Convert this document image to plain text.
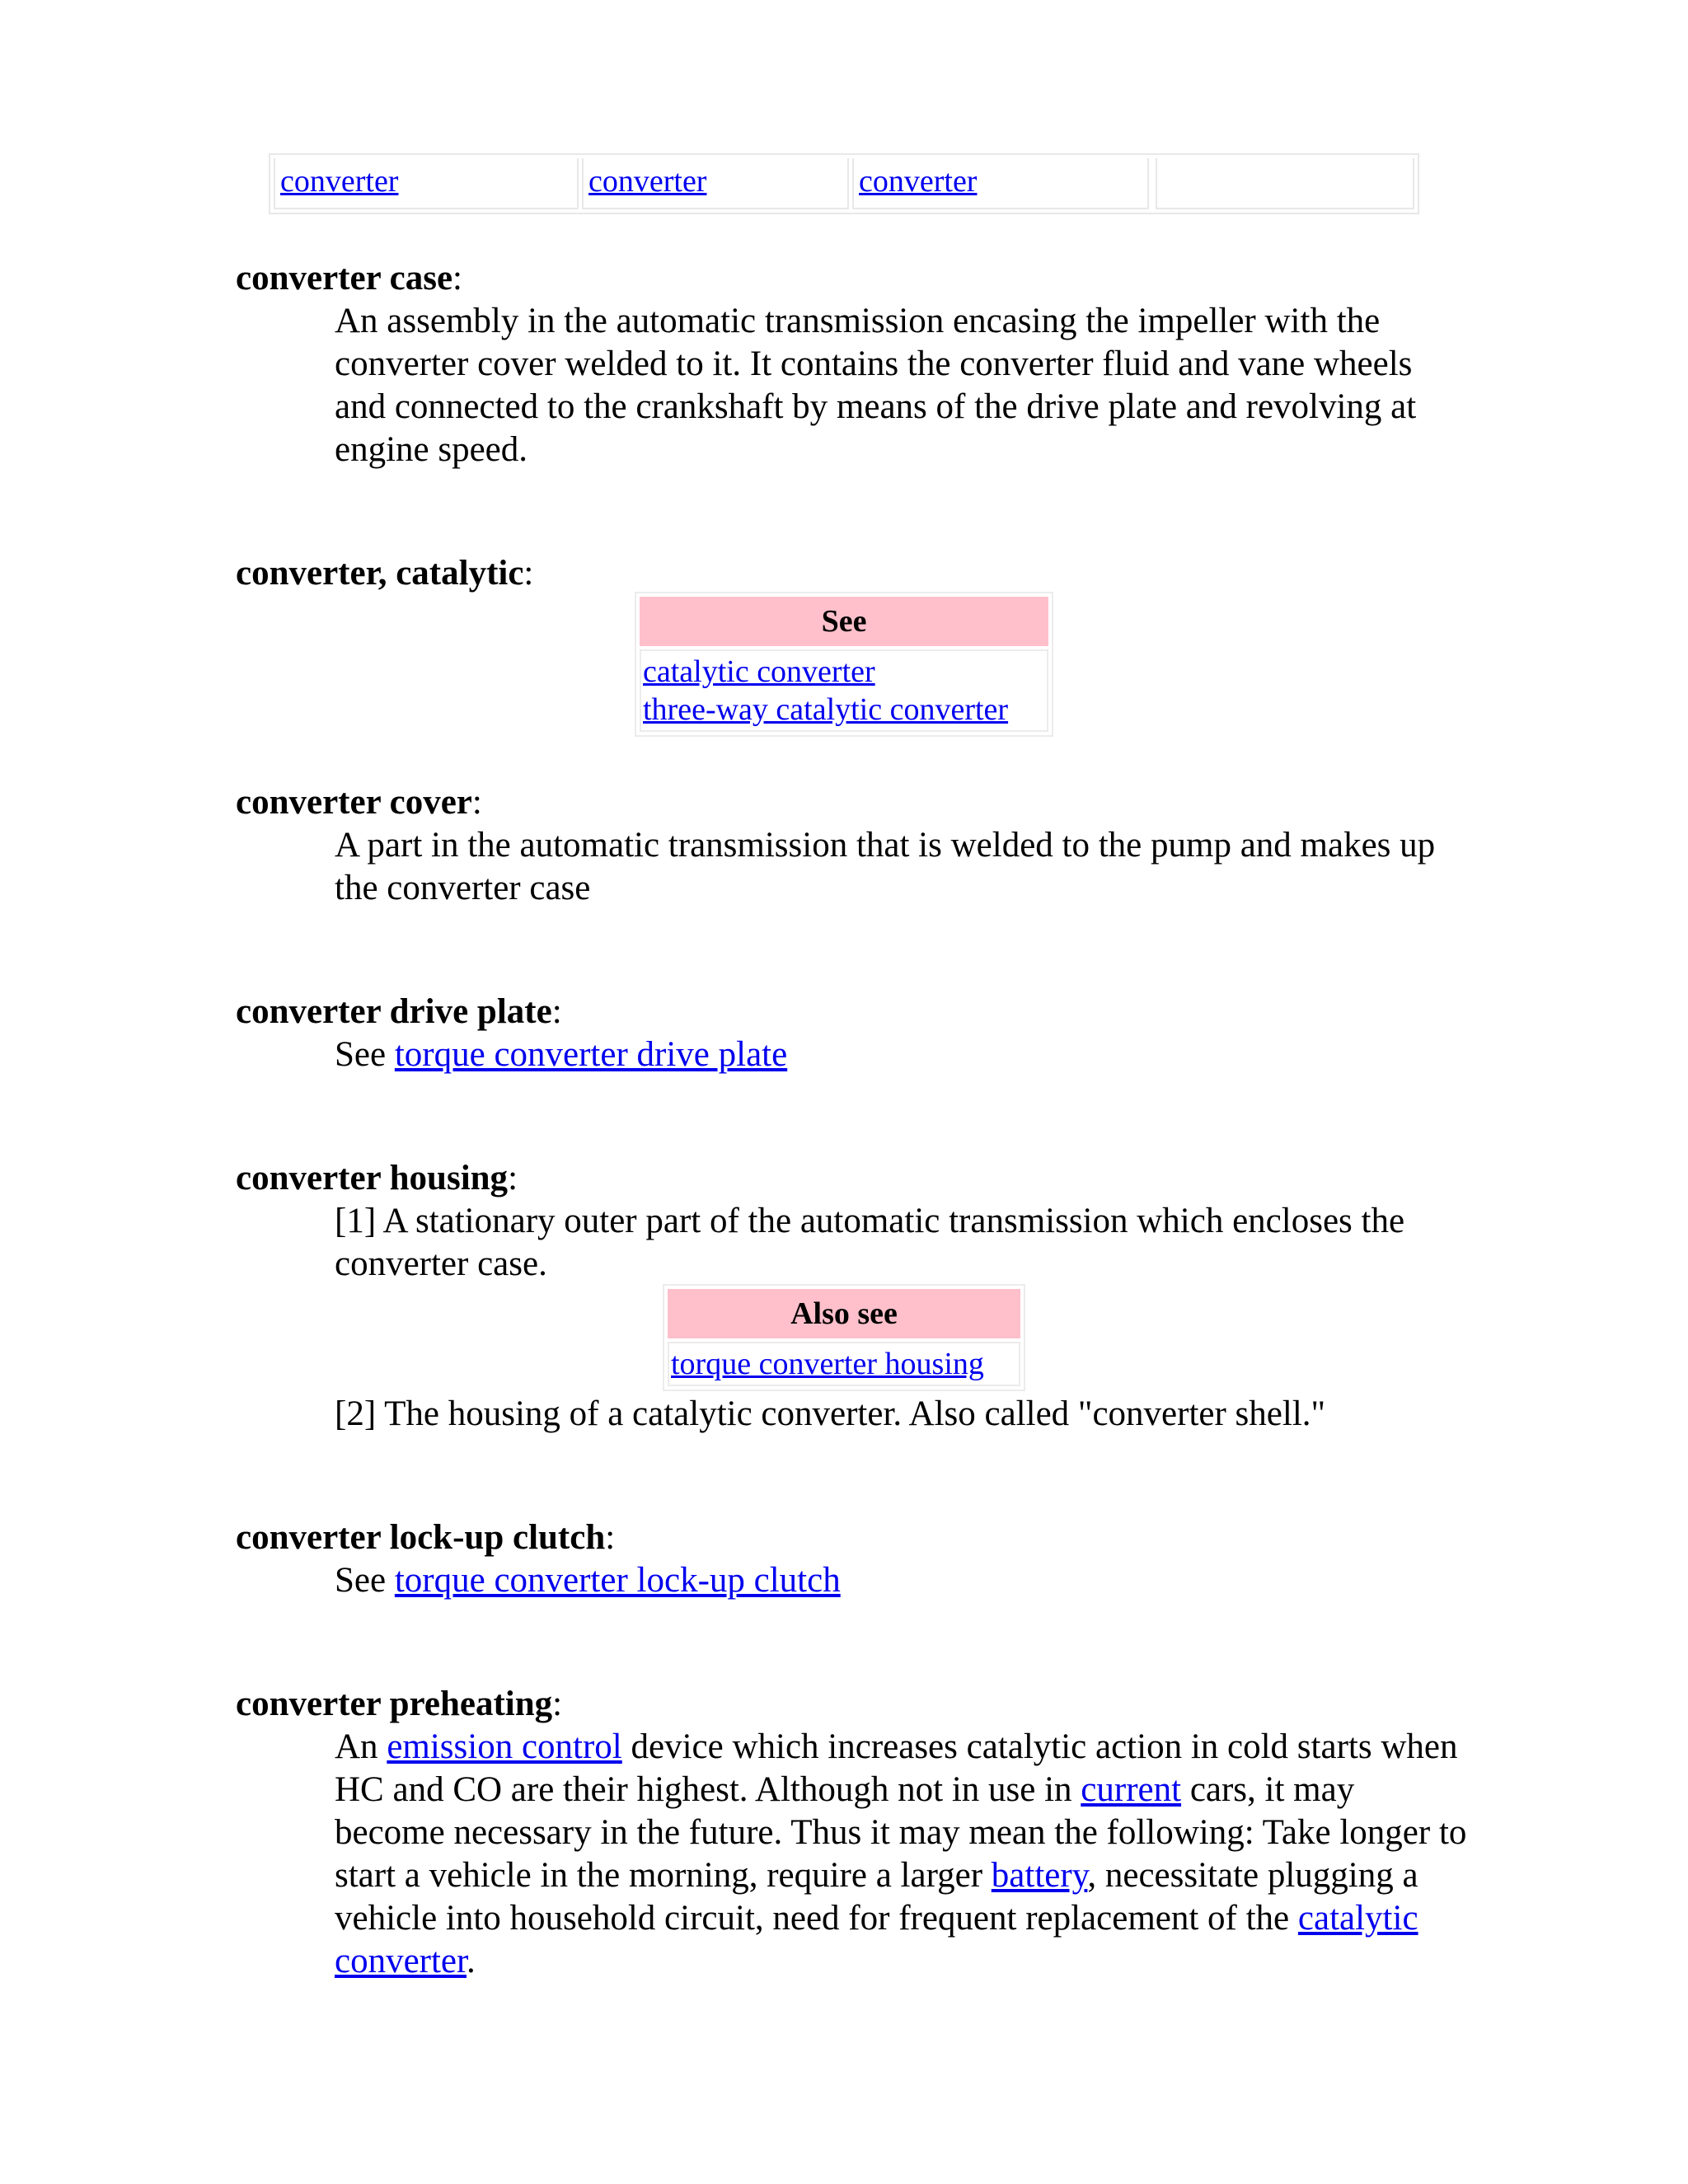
converter	converter	converter
converter case:
An assembly in the automatic transmission encasing the impeller with the converter cover welded to it. It contains the converter fluid and vane wheels and connected to the crankshaft by means of the drive plate and revolving at engine speed.
converter, catalytic:
See
catalytic converter
three-way catalytic converter
converter cover:
A part in the automatic transmission that is welded to the pump and makes up the converter case
converter drive plate:
See torque converter drive plate
converter housing:
[1] A stationary outer part of the automatic transmission which encloses the converter case.
Also see
torque converter housing
[2] The housing of a catalytic converter. Also called "converter shell."
converter lock-up clutch:
See torque converter lock-up clutch
converter preheating:
An emission control device which increases catalytic action in cold starts when HC and CO are their highest. Although not in use in current cars, it may become necessary in the future. Thus it may mean the following: Take longer to start a vehicle in the morning, require a larger battery, necessitate plugging a vehicle into household circuit, need for frequent replacement of the catalytic converter.
